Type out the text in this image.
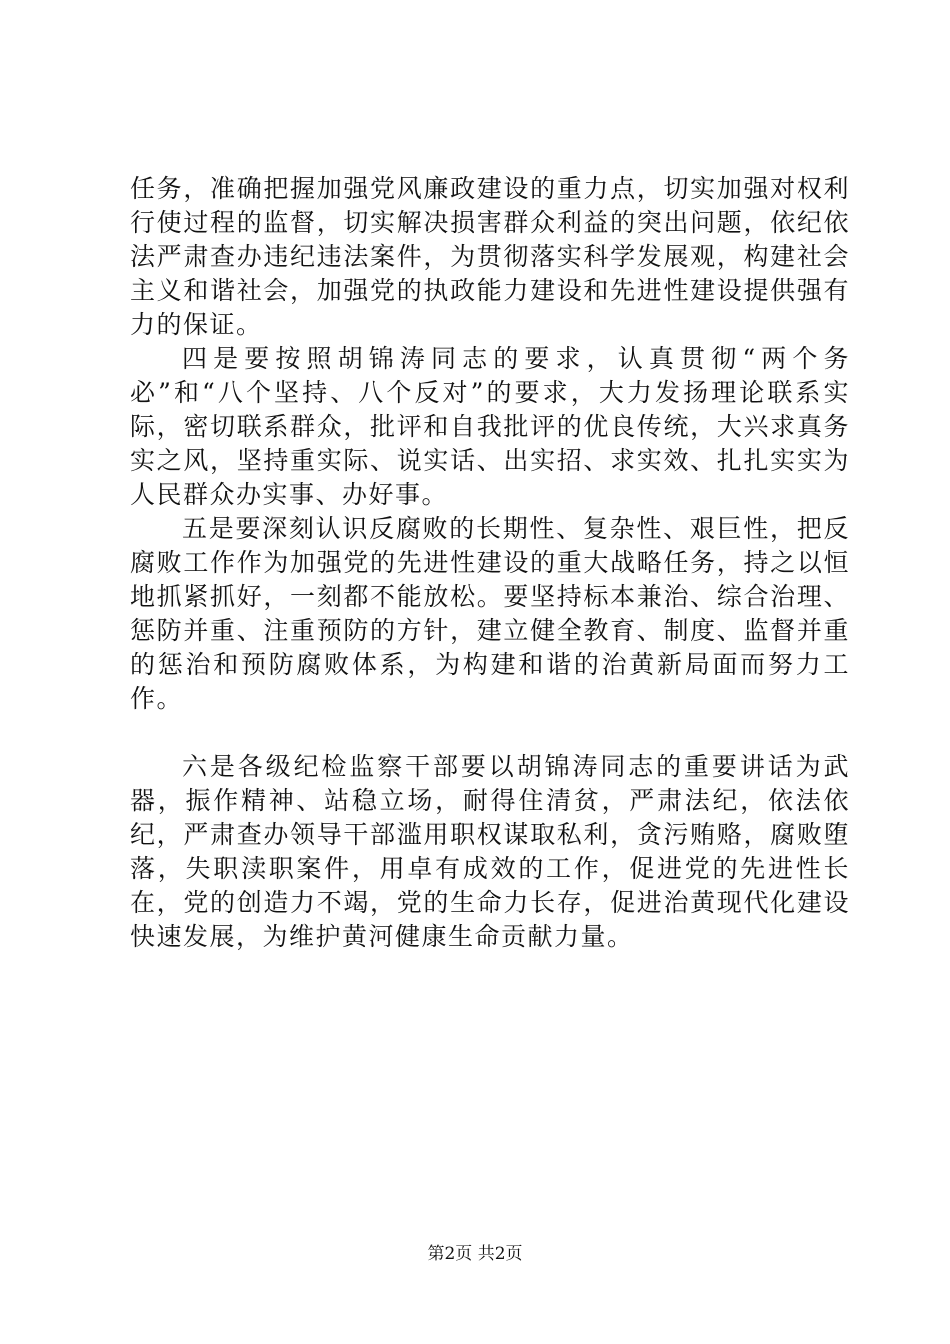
任务，准确把握加强党风廉政建设的重力点，切实加强对权利行使过程的监督，切实解决损害群众利益的突出问题，依纪依法严肃查办违纪违法案件，为贯彻落实科学发展观，构建社会主义和谐社会，加强党的执政能力建设和先进性建设提供强有力的保证。

四是要按照胡锦涛同志的要求，认真贯彻“两个务必”和“八个坚持、八个反对”的要求，大力发扬理论联系实际，密切联系群众，批评和自我批评的优良传统，大兴求真务实之风，坚持重实际、说实话、出实招、求实效、扎扎实实为人民群众办实事、办好事。

五是要深刻认识反腐败的长期性、复杂性、艰巨性，把反腐败工作作为加强党的先进性建设的重大战略任务，持之以恒地抓紧抓好，一刻都不能放松。要坚持标本兼治、综合治理、惩防并重、注重预防的方针，建立健全教育、制度、监督并重的惩治和预防腐败体系，为构建和谐的治黄新局面而努力工作。

六是各级纪检监察干部要以胡锦涛同志的重要讲话为武器，振作精神、站稳立场，耐得住清贫，严肃法纪，依法依纪，严肃查办领导干部滥用职权谋取私利，贪污贿赂，腐败堕落，失职渎职案件，用卓有成效的工作，促进党的先进性长在，党的创造力不竭，党的生命力长存，促进治黄现代化建设快速发展，为维护黄河健康生命贡献力量。

第2页 共2页
